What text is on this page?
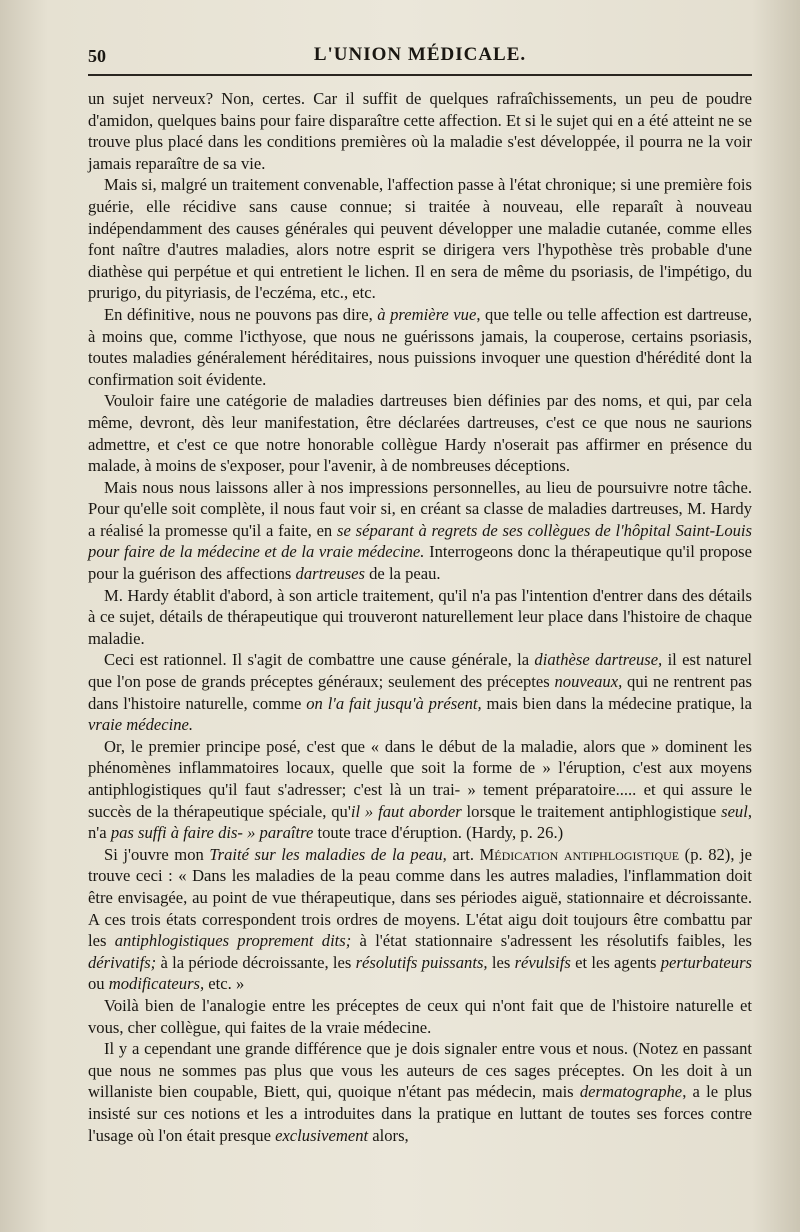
50	L'UNION MÉDICALE.

un sujet nerveux? Non, certes. Car il suffit de quelques rafraîchissements, un peu de poudre d'amidon, quelques bains pour faire disparaître cette affection. Et si le sujet qui en a été atteint ne se trouve plus placé dans les conditions premières où la maladie s'est développée, il pourra ne la voir jamais reparaître de sa vie.

Mais si, malgré un traitement convenable, l'affection passe à l'état chronique; si une première fois guérie, elle récidive sans cause connue; si traitée à nouveau, elle reparaît à nouveau indépendamment des causes générales qui peuvent développer une maladie cutanée, comme elles font naître d'autres maladies, alors notre esprit se dirigera vers l'hypothèse très probable d'une diathèse qui perpétue et qui entretient le lichen. Il en sera de même du psoriasis, de l'impétigo, du prurigo, du pityriasis, de l'eczéma, etc., etc.

En définitive, nous ne pouvons pas dire, à première vue, que telle ou telle affection est dartreuse, à moins que, comme l'icthyose, que nous ne guérissons jamais, la couperose, certains psoriasis, toutes maladies généralement héréditaires, nous puissions invoquer une question d'hérédité dont la confirmation soit évidente.

Vouloir faire une catégorie de maladies dartreuses bien définies par des noms, et qui, par cela même, devront, dès leur manifestation, être déclarées dartreuses, c'est ce que nous ne saurions admettre, et c'est ce que notre honorable collègue Hardy n'oserait pas affirmer en présence du malade, à moins de s'exposer, pour l'avenir, à de nombreuses déceptions.

Mais nous nous laissons aller à nos impressions personnelles, au lieu de poursuivre notre tâche. Pour qu'elle soit complète, il nous faut voir si, en créant sa classe de maladies dartreuses, M. Hardy a réalisé la promesse qu'il a faite, en se séparant à regrets de ses collègues de l'hôpital Saint-Louis pour faire de la médecine et de la vraie médecine. Interrogeons donc la thérapeutique qu'il propose pour la guérison des affections dartreuses de la peau.

M. Hardy établit d'abord, à son article traitement, qu'il n'a pas l'intention d'entrer dans des détails à ce sujet, détails de thérapeutique qui trouveront naturellement leur place dans l'histoire de chaque maladie.

Ceci est rationnel. Il s'agit de combattre une cause générale, la diathèse dartreuse, il est naturel que l'on pose de grands préceptes généraux; seulement des préceptes nouveaux, qui ne rentrent pas dans l'histoire naturelle, comme on l'a fait jusqu'à présent, mais bien dans la médecine pratique, la vraie médecine.

Or, le premier principe posé, c'est que « dans le début de la maladie, alors que » dominent les phénomènes inflammatoires locaux, quelle que soit la forme de » l'éruption, c'est aux moyens antiphlogistiques qu'il faut s'adresser; c'est là un trai- » tement préparatoire..... et qui assure le succès de la thérapeutique spéciale, qu'il » faut aborder lorsque le traitement antiphlogistique seul, n'a pas suffi à faire dis- » paraître toute trace d'éruption. (Hardy, p. 26.)

Si j'ouvre mon Traité sur les maladies de la peau, art. Médication antiphlogistique (p. 82), je trouve ceci : « Dans les maladies de la peau comme dans les autres maladies, l'inflammation doit être envisagée, au point de vue thérapeutique, dans ses périodes aiguë, stationnaire et décroissante. A ces trois états correspondent trois ordres de moyens. L'état aigu doit toujours être combattu par les antiphlogistiques proprement dits; à l'état stationnaire s'adressent les résolutifs faibles, les dérivatifs; à la période décroissante, les résolutifs puissants, les révulsifs et les agents perturbateurs ou modificateurs, etc. »

Voilà bien de l'analogie entre les préceptes de ceux qui n'ont fait que de l'histoire naturelle et vous, cher collègue, qui faites de la vraie médecine.

Il y a cependant une grande différence que je dois signaler entre vous et nous. (Notez en passant que nous ne sommes pas plus que vous les auteurs de ces sages préceptes. On les doit à un willaniste bien coupable, Biett, qui, quoique n'étant pas médecin, mais dermatographe, a le plus insisté sur ces notions et les a introduites dans la pratique en luttant de toutes ses forces contre l'usage où l'on était presque exclusivement alors,
